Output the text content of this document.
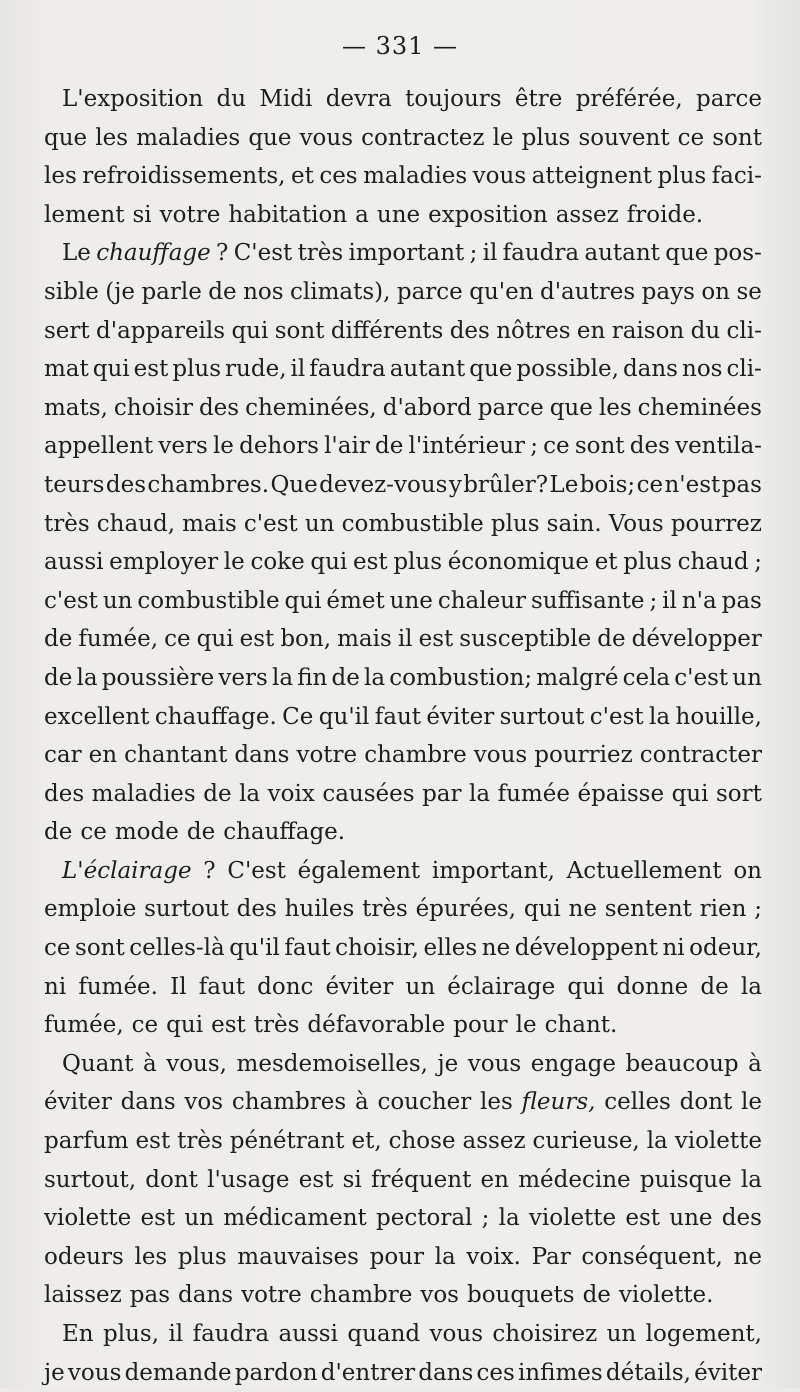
— 331 —
L'exposition du Midi devra toujours être préférée, parce
que les maladies que vous contractez le plus souvent ce sont
les refroidissements, et ces maladies vous atteignent plus faci-
lement si votre habitation a une exposition assez froide.
Le chauffage ? C'est très important ; il faudra autant que pos-
sible (je parle de nos climats), parce qu'en d'autres pays on se
sert d'appareils qui sont différents des nôtres en raison du cli-
mat qui est plus rude, il faudra autant que possible, dans nos cli-
mats, choisir des cheminées, d'abord parce que les cheminées
appellent vers le dehors l'air de l'intérieur ; ce sont des ventila-
teurs des chambres. Que devez-vous y brûler? Le bois; ce n'est pas
très chaud, mais c'est un combustible plus sain. Vous pourrez
aussi employer le coke qui est plus économique et plus chaud ;
c'est un combustible qui émet une chaleur suffisante ; il n'a pas
de fumée, ce qui est bon, mais il est susceptible de développer
de la poussière vers la fin de la combustion; malgré cela c'est un
excellent chauffage. Ce qu'il faut éviter surtout c'est la houille,
car en chantant dans votre chambre vous pourriez contracter
des maladies de la voix causées par la fumée épaisse qui sort
de ce mode de chauffage.
L'éclairage ? C'est également important, Actuellement on
emploie surtout des huiles très épurées, qui ne sentent rien ;
ce sont celles-là qu'il faut choisir, elles ne développent ni odeur,
ni fumée. Il faut donc éviter un éclairage qui donne de la
fumée, ce qui est très défavorable pour le chant.
Quant à vous, mesdemoiselles, je vous engage beaucoup à
éviter dans vos chambres à coucher les fleurs, celles dont le
parfum est très pénétrant et, chose assez curieuse, la violette
surtout, dont l'usage est si fréquent en médecine puisque la
violette est un médicament pectoral ; la violette est une des
odeurs les plus mauvaises pour la voix. Par conséquent, ne
laissez pas dans votre chambre vos bouquets de violette.
En plus, il faudra aussi quand vous choisirez un logement,
je vous demande pardon d'entrer dans ces infimes détails, éviter
